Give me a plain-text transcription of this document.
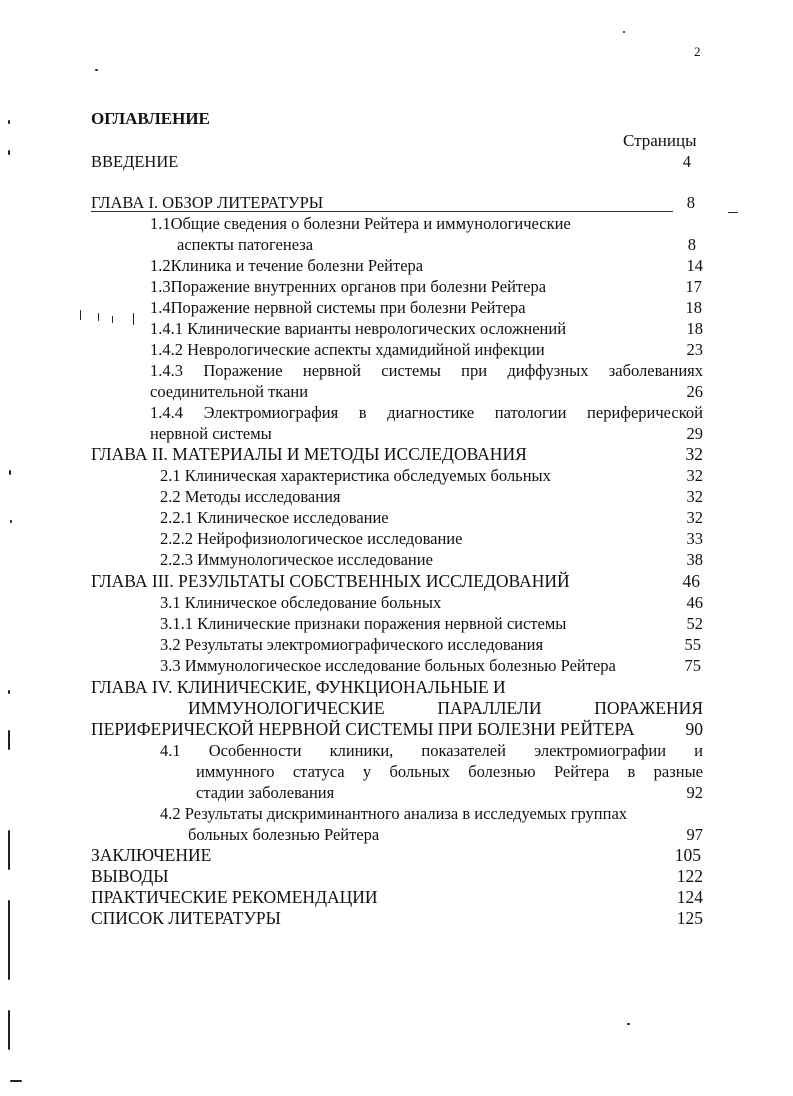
2
ОГЛАВЛЕНИЕ
Страницы
ВВЕДЕНИЕ	4
ГЛАВА I. ОБЗОР ЛИТЕРАТУРЫ	8
1.1Общие сведения о болезни Рейтера и иммунологические
аспекты патогенеза	8
1.2Клиника и течение болезни Рейтера	14
1.3Поражение внутренних органов при болезни Рейтера	17
1.4Поражение нервной системы при болезни Рейтера	18
1.4.1 Клинические варианты неврологических осложнений	18
1.4.2 Неврологические аспекты хдамидийной инфекции	23
1.4.3 Поражение нервной системы при диффузных заболеваниях
соединительной ткани	26
1.4.4 Электромиография в диагностике патологии периферической
нервной системы	29
ГЛАВА II. МАТЕРИАЛЫ И МЕТОДЫ ИССЛЕДОВАНИЯ	32
2.1 Клиническая характеристика обследуемых больных	32
2.2 Методы исследования	32
2.2.1 Клиническое исследование	32
2.2.2 Нейрофизиологическое исследование	33
2.2.3 Иммунологическое исследование	38
ГЛАВА III. РЕЗУЛЬТАТЫ СОБСТВЕННЫХ ИССЛЕДОВАНИЙ	46
3.1 Клиническое обследование больных	46
3.1.1 Клинические признаки поражения нервной системы	52
3.2 Результаты электромиографического исследования	55
3.3 Иммунологическое исследование больных болезнью Рейтера	75
ГЛАВА IV. КЛИНИЧЕСКИЕ, ФУНКЦИОНАЛЬНЫЕ И
ИММУНОЛОГИЧЕСКИЕ ПАРАЛЛЕЛИ ПОРАЖЕНИЯ
ПЕРИФЕРИЧЕСКОЙ НЕРВНОЙ СИСТЕМЫ ПРИ БОЛЕЗНИ РЕЙТЕРА	90
4.1 Особенности клиники, показателей электромиографии и
иммунного статуса у больных болезнью Рейтера в разные
стадии заболевания	92
4.2 Результаты дискриминантного анализа в исследуемых группах
больных болезнью Рейтера	97
ЗАКЛЮЧЕНИЕ	105
ВЫВОДЫ	122
ПРАКТИЧЕСКИЕ РЕКОМЕНДАЦИИ	124
СПИСОК ЛИТЕРАТУРЫ	125
